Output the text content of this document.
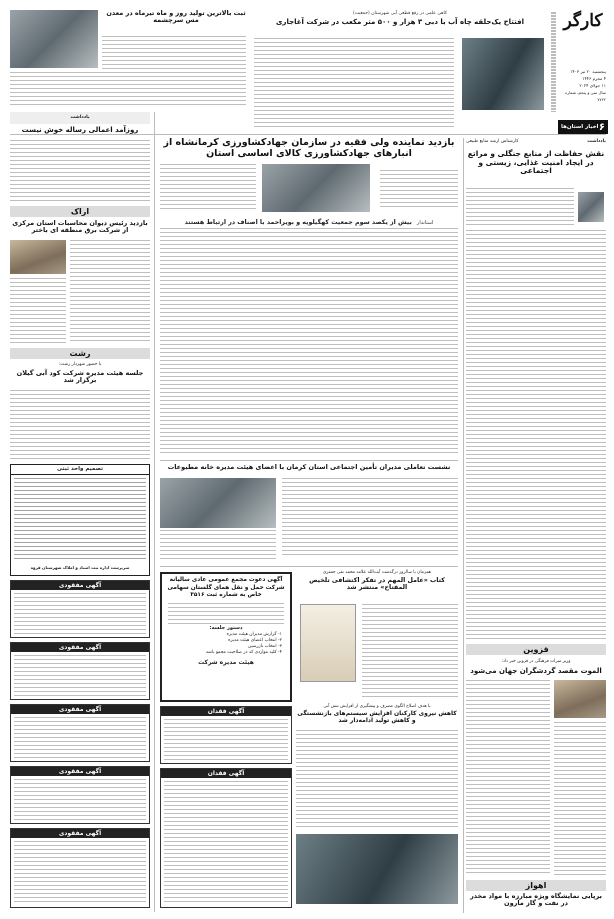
کارگر
پنجشنبه ۲۰ تیر ۱۴۰۳
۴ محرم ۱۴۴۶
۱۱ جولای ۲۰۲۴
سال سی و پنجم، شماره ۷۷۲۲
۶
اخبار استان‌ها
کاهی علمی در رفع قطعی آبی شهرستان (جمعیت)
افتتاح یک‌حلقه چاه آب با دبی ۳ هزار و ۵۰۰ متر مکعب در شرکت آغاجاری
ثبت بالاترین تولید روز و ماه تیرماه در معدن مس سرچشمه
یادداشت
کارشناس ارشد منابع طبیعی
نقش حفاظت از منابع جنگلی و مراتع در ایجاد امنیت غذایی، زیستی و اجتماعی
قزوین
وزیر میراث فرهنگی در قزوین خبر داد:
الموت مقصد گردشگران جهان می‌شود
اهواز
برپایی نمایشگاه ویژه مبارزه با مواد مخدر در نفت و گاز مارون
بازدید نماینده ولی فقیه در سازمان جهادکشاورزی کرمانشاه از انبارهای جهادکشاورزی کالای اساسی استان
استاندار بیش از یکصد سوم جمعیت کهگیلویه و بویراحمد با اصناف در ارتباط هستند
نشست تعاملی مدیران تأمین اجتماعی استان کرمان با اعضای هیئت مدیره خانه مطبوعات
همزمان با سالروز درگذشت آیت‌الله علامه محمد تقی جعفری
کتاب «عامل المهم در تفکر اکتشافی تلخیص المفتاح» منتشر شد
آگهی دعوت مجمع عمومی عادی سالیانه شرکت حمل و نقل همای گلستان سهامی خاص به شماره ثبت ۳۵۱۶
دستور جلسه:
۱- گزارش مدیران هیئت مدیره
۲- انتخاب اعضای هیئت مدیره
۳- انتخاب بازرسین
۴- کلیه مواردی که در صلاحیت مجمع باشد
هیئت مدیره شرکت
با هدف اصلاح الگوی مصرف و پیشگیری از افزایش تنش آبی
کاهش نیروی کارکنان افزایش سیستم‌های بازنشستگی و کاهش تولید ادامه‌دار شد
آگهی فقدان
آگهی فقدان
یادداشت
روزآمد اعمالی رساله خوش نیست
اراک
بازدید رئیس دیوان محاسبات استان مرکزی از شرکت برق منطقه ای باختر
رشت
با حضور شهردار رشت:
جلسه هیئت مدیره شرکت کود آبی گیلان برگزار شد
تصمیم واحد ثبتی
سرپرست اداره ثبت اسناد و املاک شهرستان قروه
آگهی مفقودی
آگهی مفقودی
آگهی مفقودی
آگهی مفقودی
آگهی مفقودی
